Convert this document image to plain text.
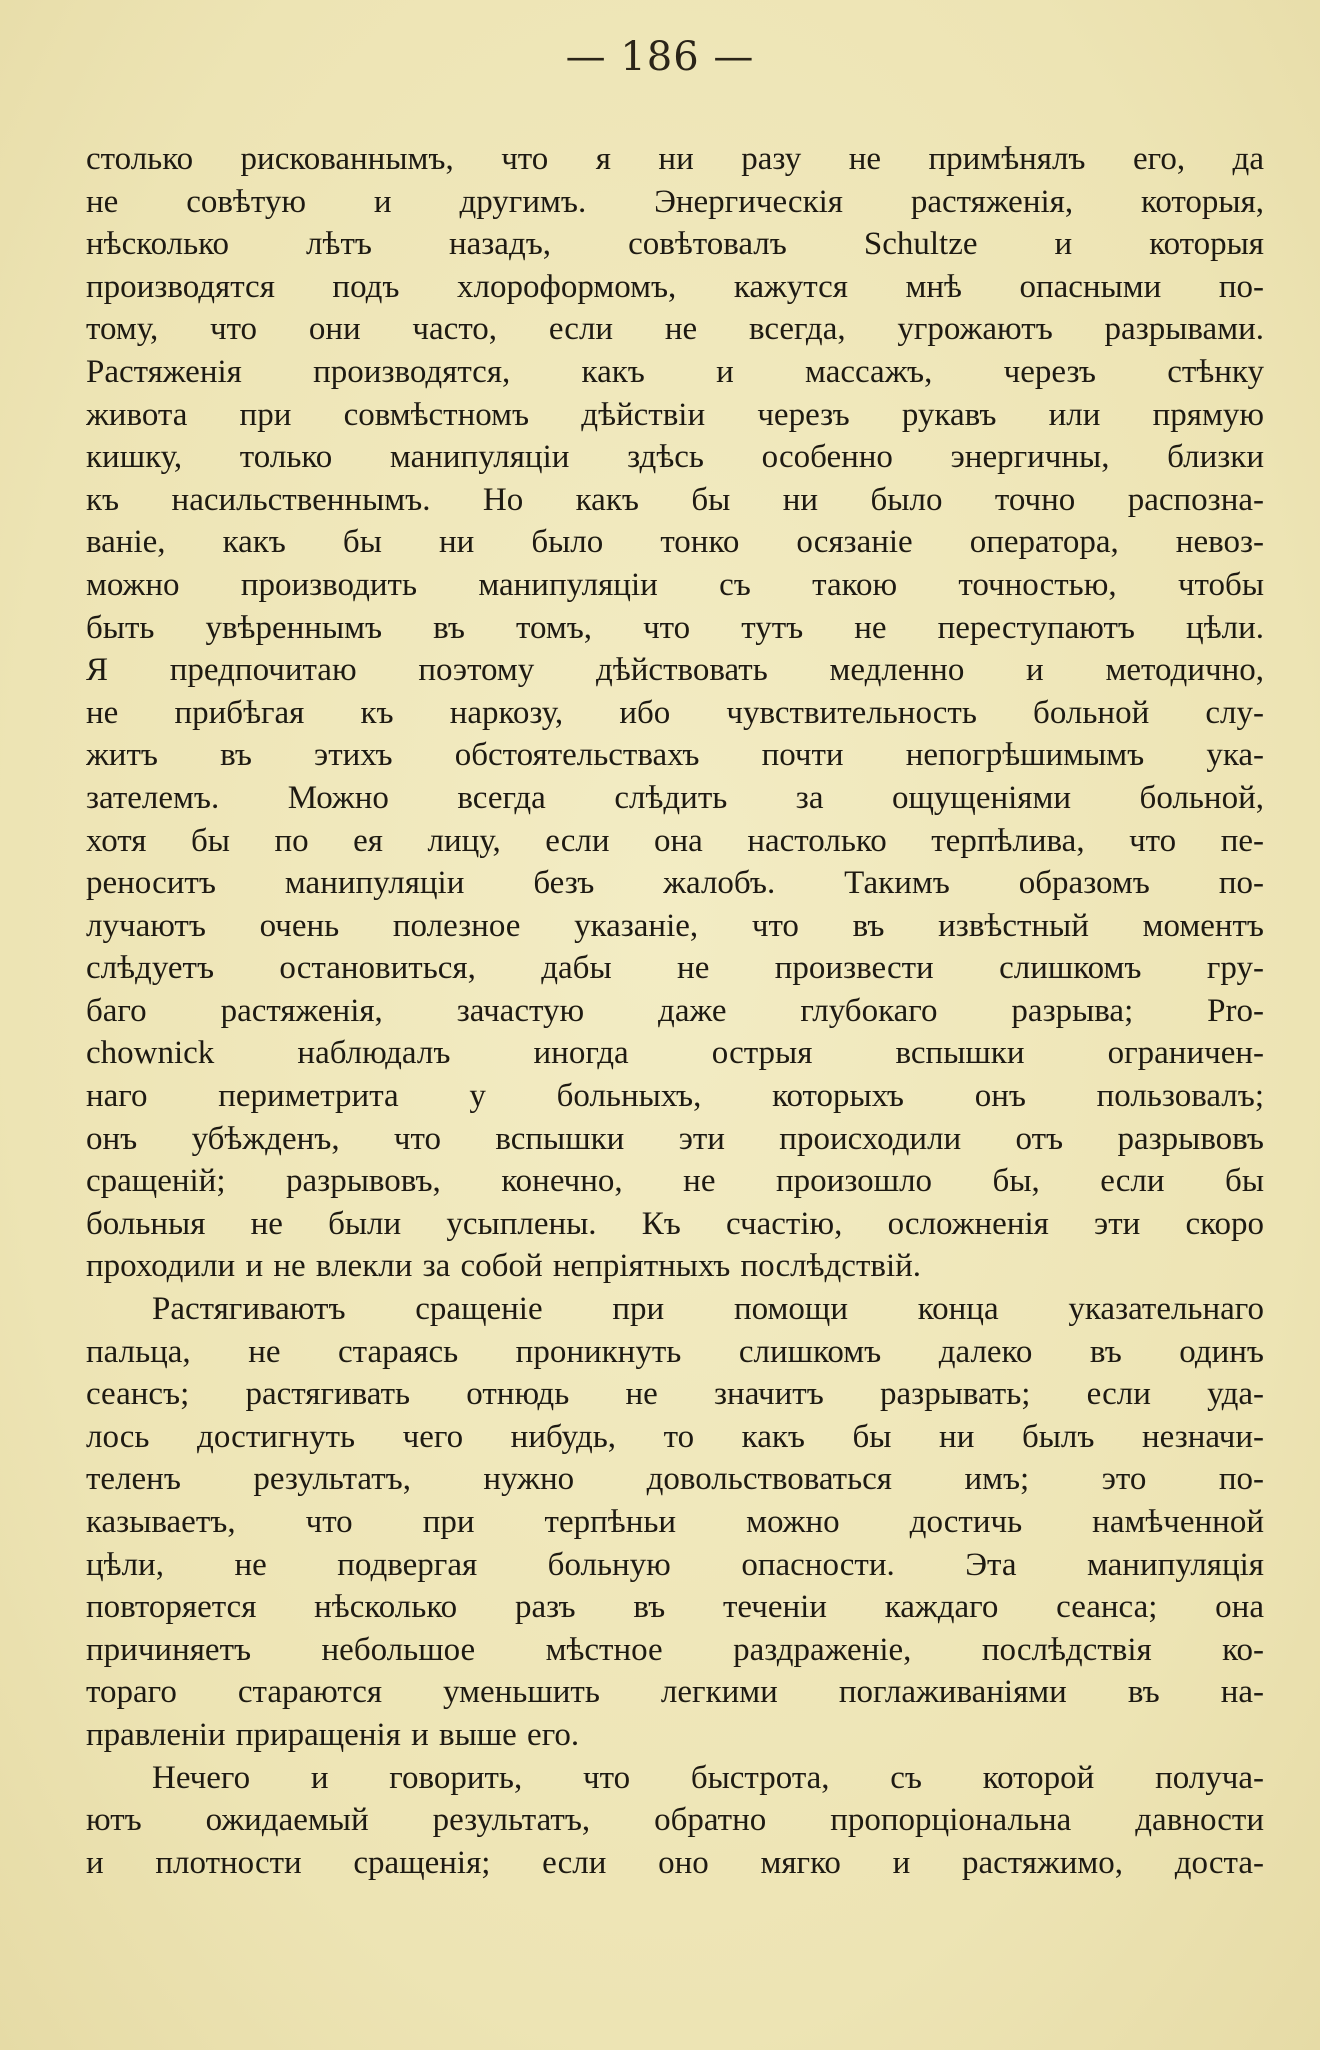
— 186 —
столько рискованнымъ, что я ни разу не примѣнялъ его, да
не совѣтую и другимъ. Энергическія растяженія, которыя,
нѣсколько лѣтъ назадъ, совѣтовалъ Schultze и которыя
производятся подъ хлороформомъ, кажутся мнѣ опасными по-
тому, что они часто, если не всегда, угрожаютъ разрывами.
Растяженія производятся, какъ и массажъ, черезъ стѣнку
живота при совмѣстномъ дѣйствіи черезъ рукавъ или прямую
кишку, только манипуляціи здѣсь особенно энергичны, близки
къ насильственнымъ. Но какъ бы ни было точно распозна-
ваніе, какъ бы ни было тонко осязаніе оператора, невоз-
можно производить манипуляціи съ такою точностью, чтобы
быть увѣреннымъ въ томъ, что тутъ не переступаютъ цѣли.
Я предпочитаю поэтому дѣйствовать медленно и методично,
не прибѣгая къ наркозу, ибо чувствительность больной слу-
житъ въ этихъ обстоятельствахъ почти непогрѣшимымъ ука-
зателемъ. Можно всегда слѣдить за ощущеніями больной,
хотя бы по ея лицу, если она настолько терпѣлива, что пе-
реноситъ манипуляціи безъ жалобъ. Такимъ образомъ по-
лучаютъ очень полезное указаніе, что въ извѣстный моментъ
слѣдуетъ остановиться, дабы не произвести слишкомъ гру-
баго растяженія, зачастую даже глубокаго разрыва; Pro-
chownick наблюдалъ иногда острыя вспышки ограничен-
наго периметрита у больныхъ, которыхъ онъ пользовалъ;
онъ убѣжденъ, что вспышки эти происходили отъ разрывовъ
сращеній; разрывовъ, конечно, не произошло бы, если бы
больныя не были усыплены. Къ счастію, осложненія эти скоро
проходили и не влекли за собой непріятныхъ послѣдствій.
Растягиваютъ сращеніе при помощи конца указательнаго
пальца, не стараясь проникнуть слишкомъ далеко въ одинъ
сеансъ; растягивать отнюдь не значитъ разрывать; если уда-
лось достигнуть чего нибудь, то какъ бы ни былъ незначи-
теленъ результатъ, нужно довольствоваться имъ; это по-
казываетъ, что при терпѣньи можно достичь намѣченной
цѣли, не подвергая больную опасности. Эта манипуляція
повторяется нѣсколько разъ въ теченіи каждаго сеанса; она
причиняетъ небольшое мѣстное раздраженіе, послѣдствія ко-
тораго стараются уменьшить легкими поглаживаніями въ на-
правленіи приращенія и выше его.
Нечего и говорить, что быстрота, съ которой получа-
ютъ ожидаемый результатъ, обратно пропорціональна давности
и плотности сращенія; если оно мягко и растяжимо, доста-
